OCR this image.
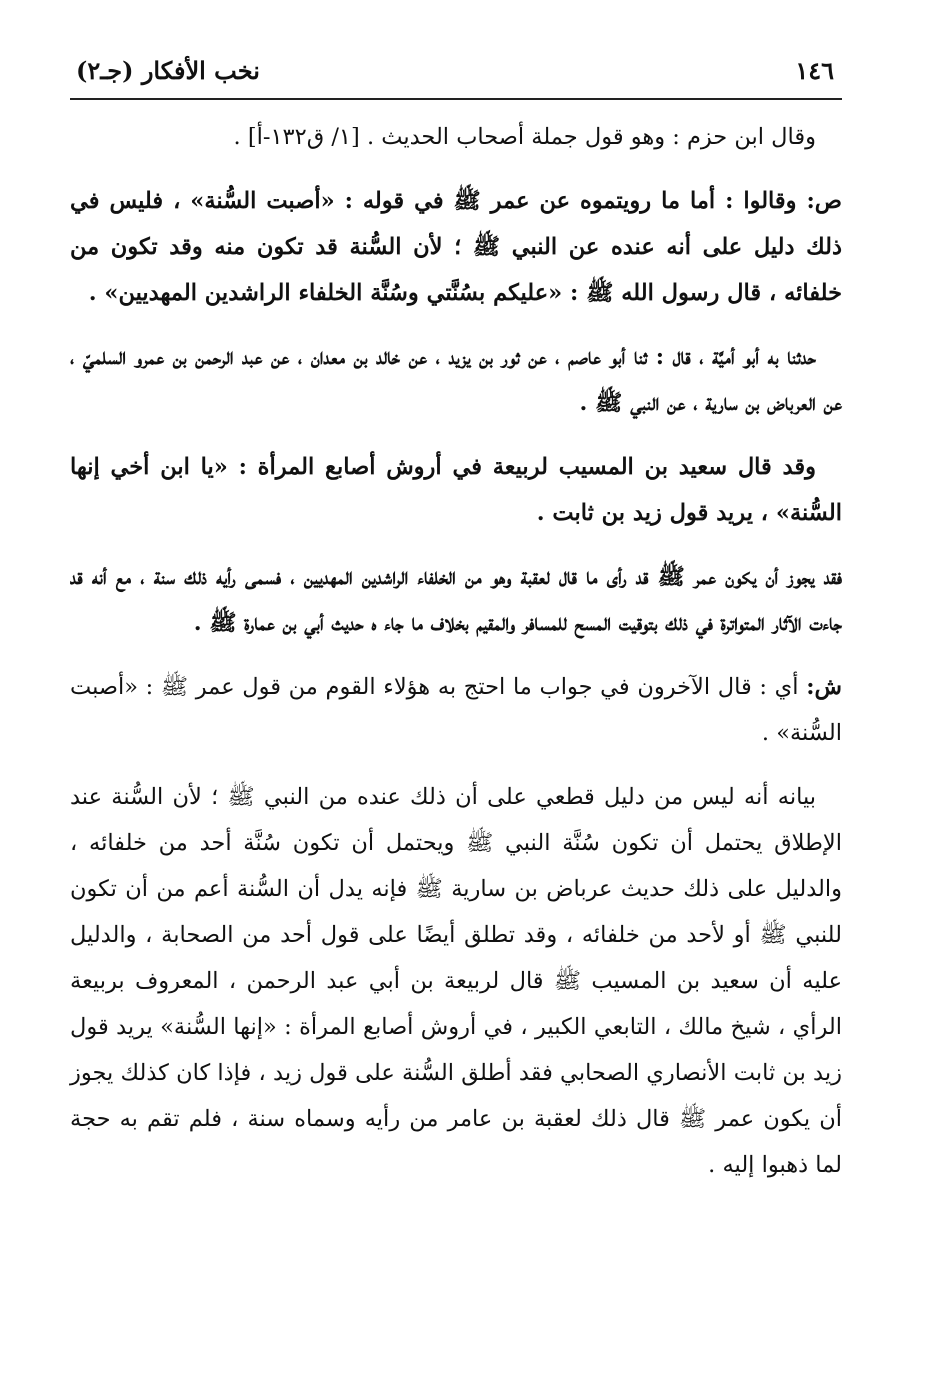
١٤٦
نخب الأفكار (جـ٢)

وقال ابن حزم : وهو قول جملة أصحاب الحديث . [١/ ق١٣٢-أ] .

ص: وقالوا : أما ما رويتموه عن عمر ﷺ في قوله : «أصبت السُّنة» ، فليس في ذلك دليل على أنه عنده عن النبي ﷺ ؛ لأن السُّنة قد تكون منه وقد تكون من خلفائه ، قال رسول الله ﷺ : «عليكم بسُنَّتي وسُنَّة الخلفاء الراشدين المهديين» .

حدثنا به أبو أميَّة ، قال : ثنا أبو عاصم ، عن ثور بن يزيد ، عن خالد بن معدان ، عن عبد الرحمن بن عمرو السلميّ ، عن العرباض بن سارية ، عن النبي ﷺ .

وقد قال سعيد بن المسيب لربيعة في أروش أصابع المرأة : «يا ابن أخي إنها السُّنة» ، يريد قول زيد بن ثابت .

فقد يجوز أن يكون عمر ﷺ قد رأى ما قال لعقبة وهو من الخلفاء الراشدين المهديين ، فسمى رأيه ذلك سنة ، مع أنه قد جاءت الآثار المتواترة في ذلك بتوقيت المسح للمسافر والمقيم بخلاف ما جاء ه حديث أبي بن عمارة ﷺ .

ش: أي : قال الآخرون في جواب ما احتج به هؤلاء القوم من قول عمر ﷺ : «أصبت السُّنة» .

بيانه أنه ليس من دليل قطعي على أن ذلك عنده من النبي ﷺ ؛ لأن السُّنة عند الإطلاق يحتمل أن تكون سُنَّة النبي ﷺ ويحتمل أن تكون سُنَّة أحد من خلفائه ، والدليل على ذلك حديث عرباض بن سارية ﷺ فإنه يدل أن السُّنة أعم من أن تكون للنبي ﷺ أو لأحد من خلفائه ، وقد تطلق أيضًا على قول أحد من الصحابة ، والدليل عليه أن سعيد بن المسيب ﷺ قال لربيعة بن أبي عبد الرحمن ، المعروف بربيعة الرأي ، شيخ مالك ، التابعي الكبير ، في أروش أصابع المرأة : «إنها السُّنة» يريد قول زيد بن ثابت الأنصاري الصحابي فقد أطلق السُّنة على قول زيد ، فإذا كان كذلك يجوز أن يكون عمر ﷺ قال ذلك لعقبة بن عامر من رأيه وسماه سنة ، فلم تقم به حجة لما ذهبوا إليه .
